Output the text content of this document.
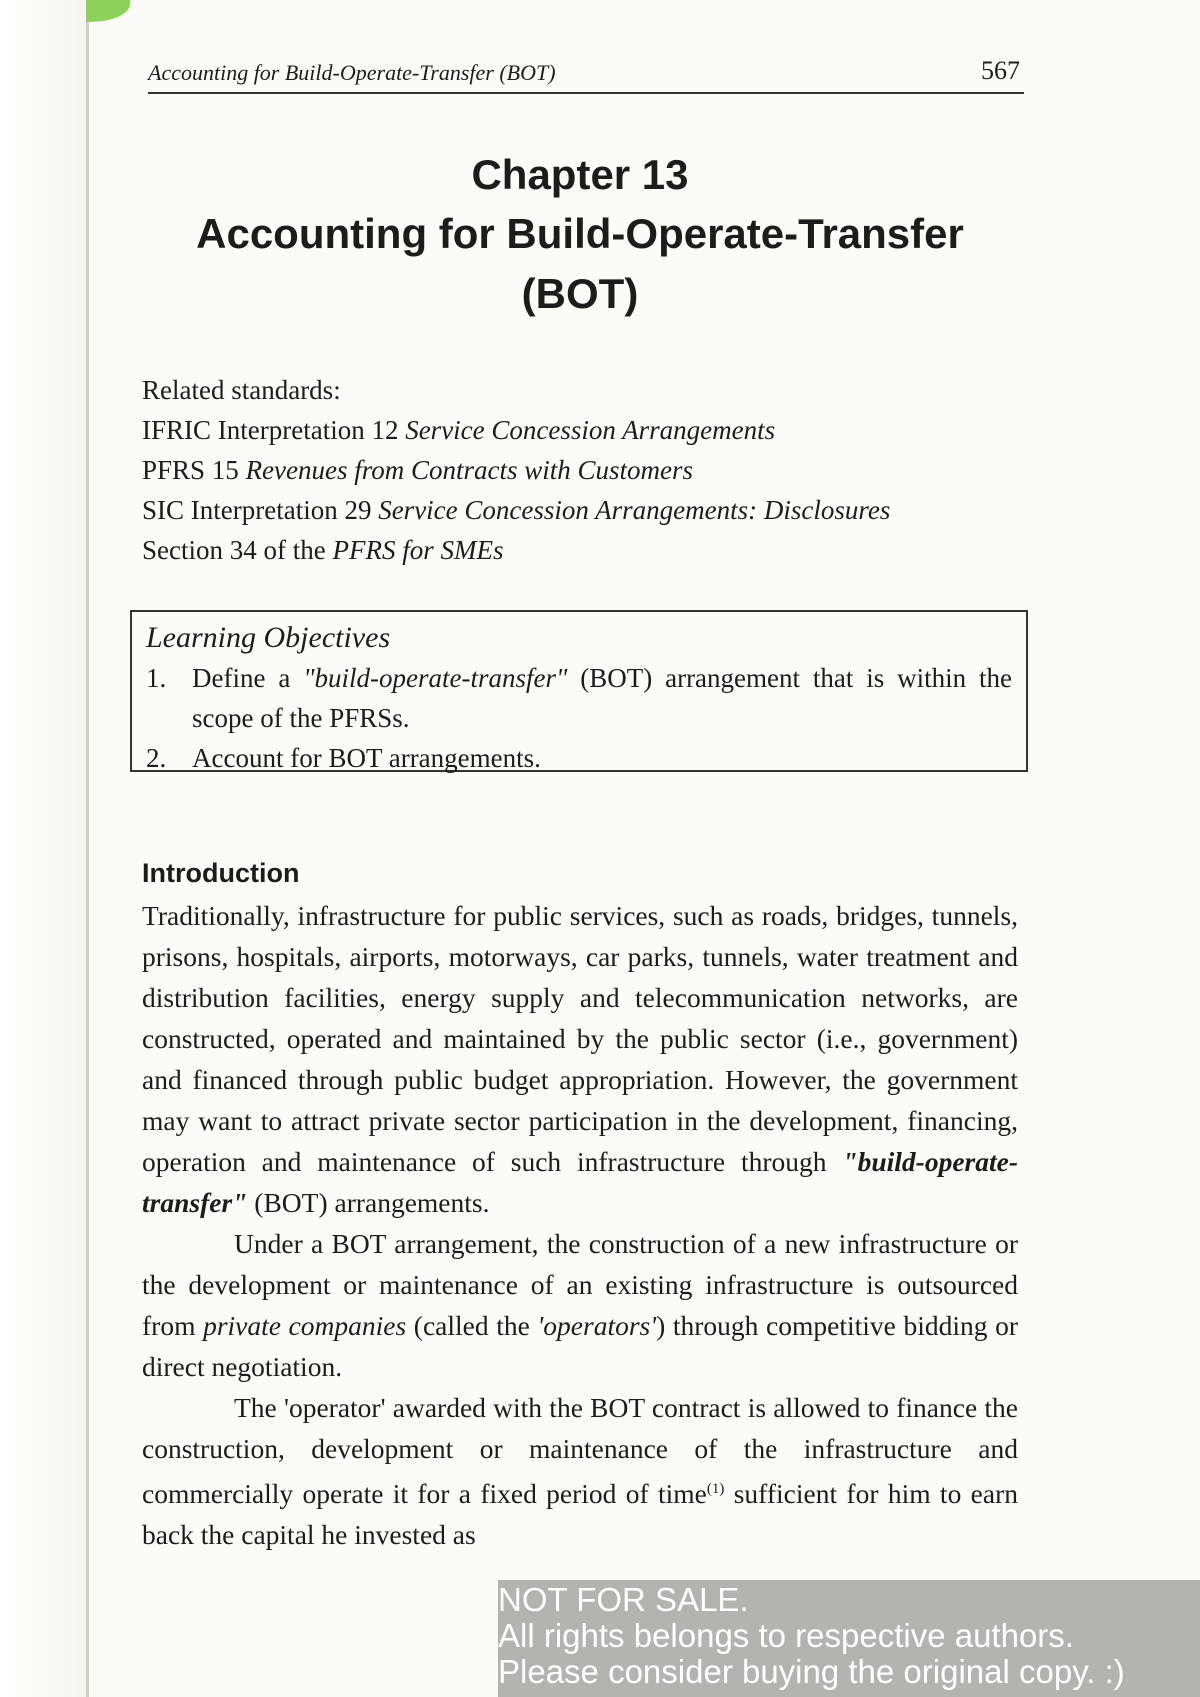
Accounting for Build-Operate-Transfer (BOT)	567
Chapter 13
Accounting for Build-Operate-Transfer
(BOT)
Related standards:
IFRIC Interpretation 12 Service Concession Arrangements
PFRS 15 Revenues from Contracts with Customers
SIC Interpretation 29 Service Concession Arrangements: Disclosures
Section 34 of the PFRS for SMEs
Learning Objectives
1. Define a "build-operate-transfer" (BOT) arrangement that is within the scope of the PFRSs.
2. Account for BOT arrangements.
Introduction

Traditionally, infrastructure for public services, such as roads, bridges, tunnels, prisons, hospitals, airports, motorways, car parks, tunnels, water treatment and distribution facilities, energy supply and telecommunication networks, are constructed, operated and maintained by the public sector (i.e., government) and financed through public budget appropriation. However, the government may want to attract private sector participation in the development, financing, operation and maintenance of such infrastructure through "build-operate-transfer" (BOT) arrangements.

Under a BOT arrangement, the construction of a new infrastructure or the development or maintenance of an existing infrastructure is outsourced from private companies (called the 'operators') through competitive bidding or direct negotiation.

The 'operator' awarded with the BOT contract is allowed to finance the construction, development or maintenance of the infrastructure and commercially operate it for a fixed period of time$^{(1)}$ sufficient for him to earn back the capital he invested as

NOT FOR SALE.
All rights belongs to respective authors.
Please consider buying the original copy. :)
